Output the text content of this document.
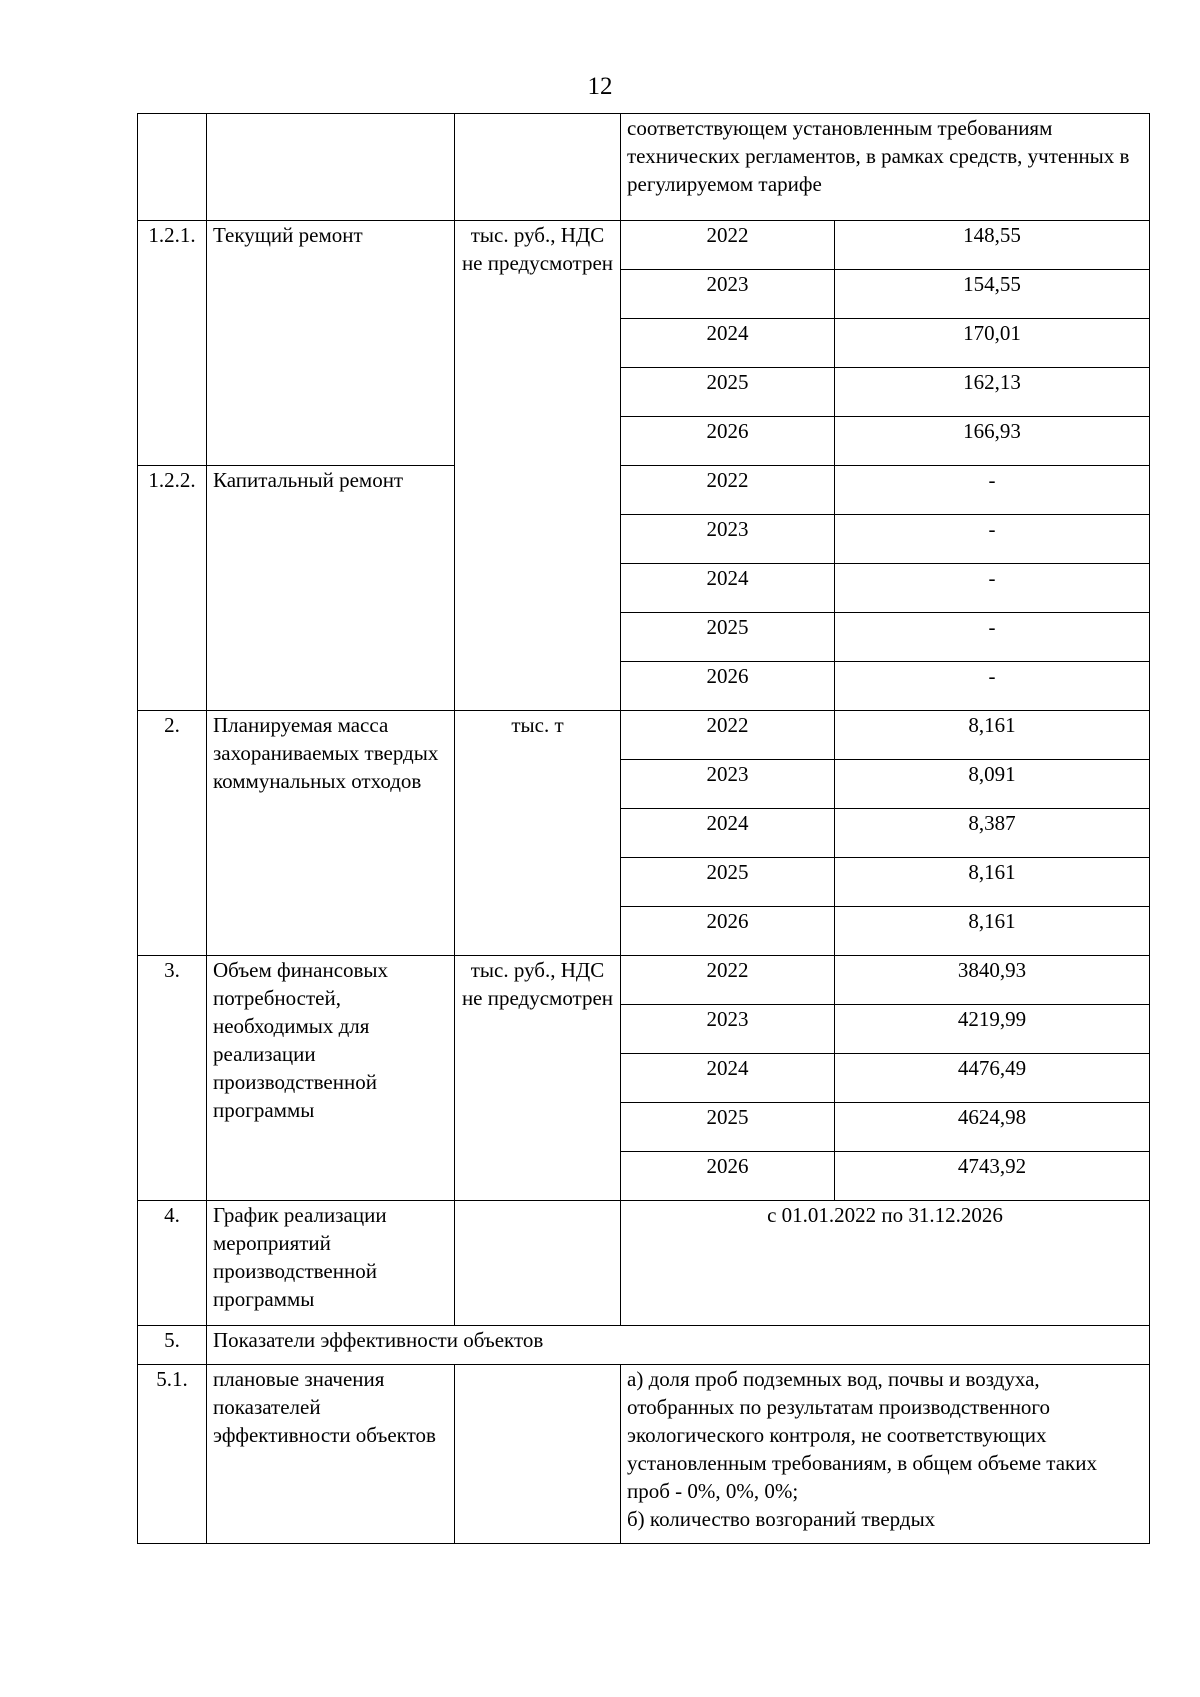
12
			соответствующем установленным требованиям технических регламентов, в рамках средств, учтенных в регулируемом тарифе	
1.2.1.	Текущий ремонт	тыс. руб., НДС не предусмотрен	2022	148,55
			2023	154,55
			2024	170,01
			2025	162,13
			2026	166,93
1.2.2.	Капитальный ремонт		2022	-
			2023	-
			2024	-
			2025	-
			2026	-
2.	Планируемая масса захораниваемых твердых коммунальных отходов	тыс. т	2022	8,161
			2023	8,091
			2024	8,387
			2025	8,161
			2026	8,161
3.	Объем финансовых потребностей, необходимых для реализации производственной программы	тыс. руб., НДС не предусмотрен	2022	3840,93
			2023	4219,99
			2024	4476,49
			2025	4624,98
			2026	4743,92
4.	График реализации мероприятий производственной программы		с 01.01.2022 по 31.12.2026	
5.	Показатели эффективности объектов			
5.1.	плановые значения показателей эффективности объектов		а) доля проб подземных вод, почвы и воздуха, отобранных по результатам производственного экологического контроля, не соответствующих установленным требованиям, в общем объеме таких проб - 0%, 0%, 0%;
б) количество возгораний твердых	
